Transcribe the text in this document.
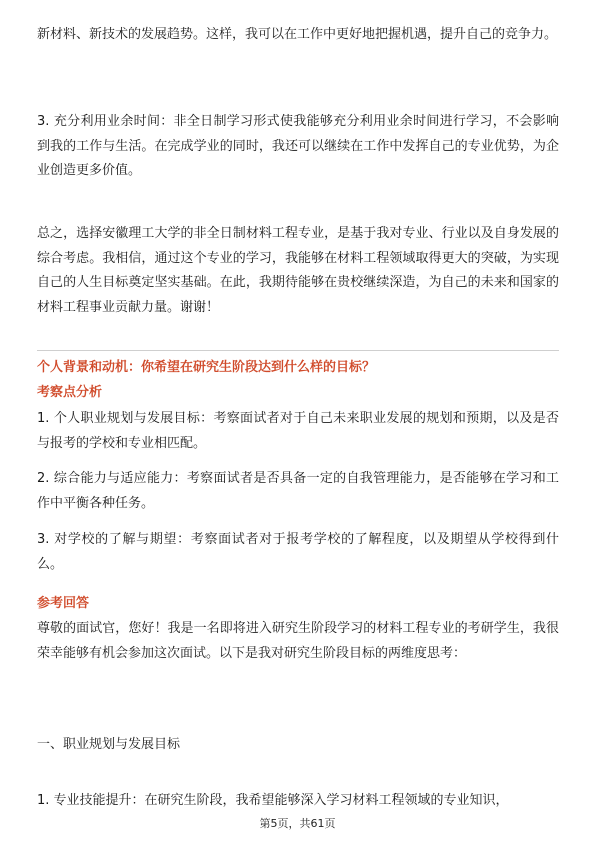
新材料、新技术的发展趋势。这样，我可以在工作中更好地把握机遇，提升自己的竞争力。

3. 充分利用业余时间：非全日制学习形式使我能够充分利用业余时间进行学习，不会影响到我的工作与生活。在完成学业的同时，我还可以继续在工作中发挥自己的专业优势，为企业创造更多价值。

总之，选择安徽理工大学的非全日制材料工程专业，是基于我对专业、行业以及自身发展的综合考虑。我相信，通过这个专业的学习，我能够在材料工程领域取得更大的突破，为实现自己的人生目标奠定坚实基础。在此，我期待能够在贵校继续深造，为自己的未来和国家的材料工程事业贡献力量。谢谢！

个人背景和动机：你希望在研究生阶段达到什么样的目标？

考察点分析

1. 个人职业规划与发展目标：考察面试者对于自己未来职业发展的规划和预期，以及是否与报考的学校和专业相匹配。

2. 综合能力与适应能力：考察面试者是否具备一定的自我管理能力，是否能够在学习和工作中平衡各种任务。

3. 对学校的了解与期望：考察面试者对于报考学校的了解程度，以及期望从学校得到什么。

参考回答

尊敬的面试官，您好！我是一名即将进入研究生阶段学习的材料工程专业的考研学生，我很荣幸能够有机会参加这次面试。以下是我对研究生阶段目标的两维度思考：

一、职业规划与发展目标

1. 专业技能提升：在研究生阶段，我希望能够深入学习材料工程领域的专业知识，

第5页，共61页
